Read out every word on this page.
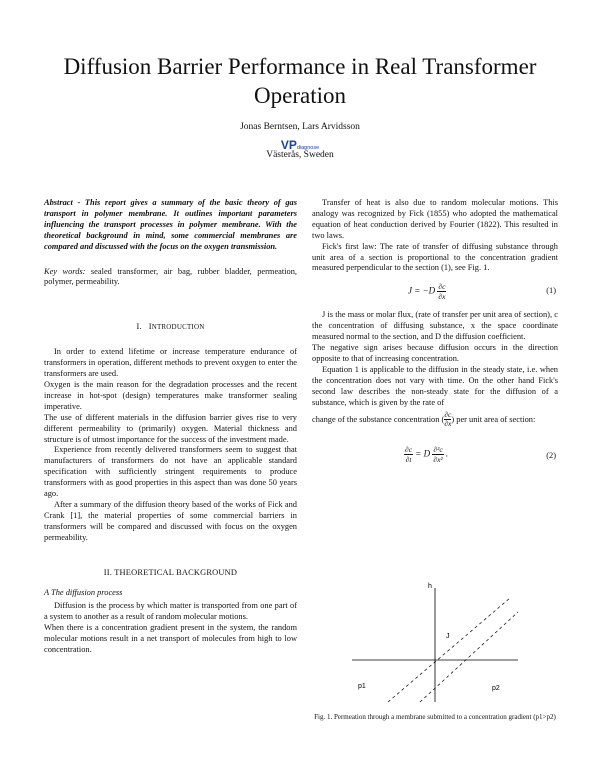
Diffusion Barrier Performance in Real Transformer Operation
Jonas Berntsen, Lars Arvidsson
VPdiagnose
Västerås, Sweden

Abstract - This report gives a summary of the basic theory of gas transport in polymer membrane. It outlines important parameters influencing the transport processes in polymer membrane. With the theoretical background in mind, some commercial membranes are compared and discussed with the focus on the oxygen transmission.

Key words: sealed transformer, air bag, rubber bladder, permeation, polymer, permeability.

I. INTRODUCTION

In order to extend lifetime or increase temperature endurance of transformers in operation, different methods to prevent oxygen to enter the transformers are used.

Oxygen is the main reason for the degradation processes and the recent increase in hot-spot (design) temperatures make transformer sealing imperative.

The use of different materials in the diffusion barrier gives rise to very different permeability to (primarily) oxygen. Material thickness and structure is of utmost importance for the success of the investment made.

Experience from recently delivered transformers seem to suggest that manufacturers of transformers do not have an applicable standard specification with sufficiently stringent requirements to produce transformers with as good properties in this aspect than was done 50 years ago.

After a summary of the diffusion theory based of the works of Fick and Crank [1], the material properties of some commercial barriers in transformers will be compared and discussed with focus on the oxygen permeability.

II. THEORETICAL BACKGROUND

A The diffusion process

Diffusion is the process by which matter is transported from one part of a system to another as a result of random molecular motions.

When there is a concentration gradient present in the system, the random molecular motions result in a net transport of molecules from high to low concentration.

Transfer of heat is also due to random molecular motions. This analogy was recognized by Fick (1855) who adopted the mathematical equation of heat conduction derived by Fourier (1822). This resulted in two laws.

Fick's first law: The rate of transfer of diffusing substance through unit area of a section is proportional to the concentration gradient measured perpendicular to the section (1), see Fig. 1.

$J = -D \frac{\partial c}{\partial x}$	(1)

J is the mass or molar flux, (rate of transfer per unit area of section), c the concentration of diffusing substance, x the space coordinate measured normal to the section, and D the diffusion coefficient.

The negative sign arises because diffusion occurs in the direction opposite to that of increasing concentration.

Equation 1 is applicable to the diffusion in the steady state, i.e. when the concentration does not vary with time. On the other hand Fick's second law describes the non-steady state for the diffusion of a substance, which is given by the rate of

change of the substance concentration ( $\frac{\partial c}{\partial x}$) per unit area of section:

$\frac{\partial c}{\partial t} = D \frac{\text{∂²c}}{\text{∂x²}}$ .	(2)
h
J
p1	p2
Fig. 1. Permeation through a membrane submitted to a concentration gradient (p1>p2)
